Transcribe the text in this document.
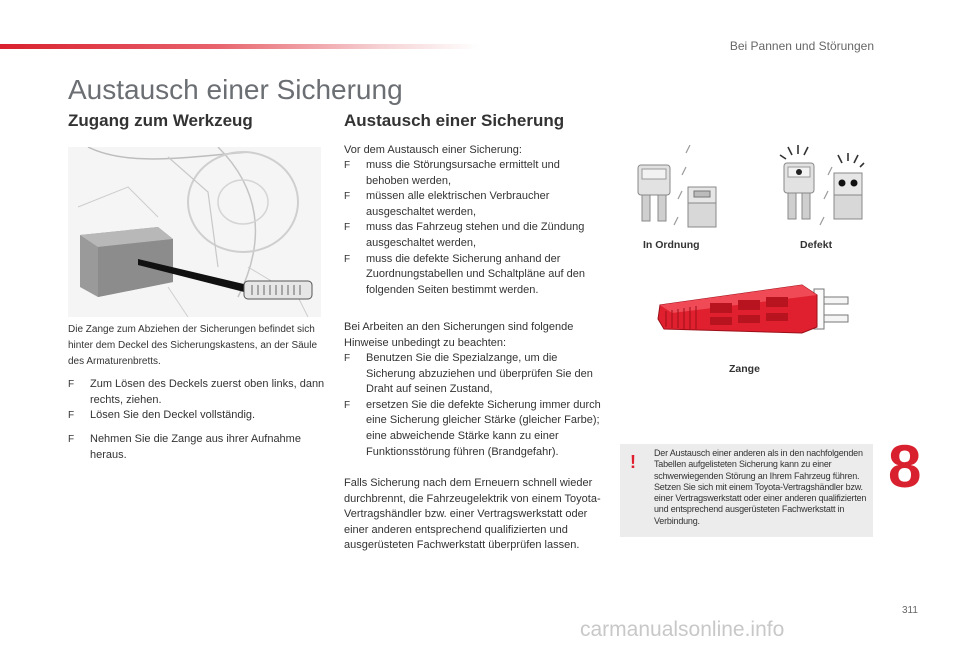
Bei Pannen und Störungen
Austausch einer Sicherung
Zugang zum Werkzeug	Austausch einer Sicherung
Die Zange zum Abziehen der Sicherungen befindet sich hinter dem Deckel des Sicherungskastens, an der Säule des Armaturenbretts.
F Zum Lösen des Deckels zuerst oben links, dann rechts, ziehen.
F Lösen Sie den Deckel vollständig.
F Nehmen Sie die Zange aus ihrer Aufnahme heraus.

Vor dem Austausch einer Sicherung:

F muss die Störungsursache ermittelt und behoben werden,
F müssen alle elektrischen Verbraucher ausgeschaltet werden,
F muss das Fahrzeug stehen und die Zündung ausgeschaltet werden,
F muss die defekte Sicherung anhand der Zuordnungstabellen und Schaltpläne auf den folgenden Seiten bestimmt werden.

Bei Arbeiten an den Sicherungen sind folgende Hinweise unbedingt zu beachten:

F Benutzen Sie die Spezialzange, um die Sicherung abzuziehen und überprüfen Sie den Draht auf seinen Zustand,
F ersetzen Sie die defekte Sicherung immer durch eine Sicherung gleicher Stärke (gleicher Farbe); eine abweichende Stärke kann zu einer Funktionsstörung führen (Brandgefahr).

Falls Sicherung nach dem Erneuern schnell wieder durchbrennt, die Fahrzeugelektrik von einem Toyota-Vertragshändler bzw. einer Vertragswerkstatt oder einer anderen entsprechend qualifizierten und ausgerüsteten Fachwerkstatt überprüfen lassen.

In Ordnung	Defekt
Zange
! Der Austausch einer anderen als in den nachfolgenden Tabellen aufgelisteten Sicherung kann zu einer schwerwiegenden Störung an Ihrem Fahrzeug führen. Setzen Sie sich mit einem Toyota-Vertragshändler bzw. einer Vertragswerkstatt oder einer anderen qualifizierten und entsprechend ausgerüsteten Fachwerkstatt in Verbindung.
8
311
carmanualsonline.info
